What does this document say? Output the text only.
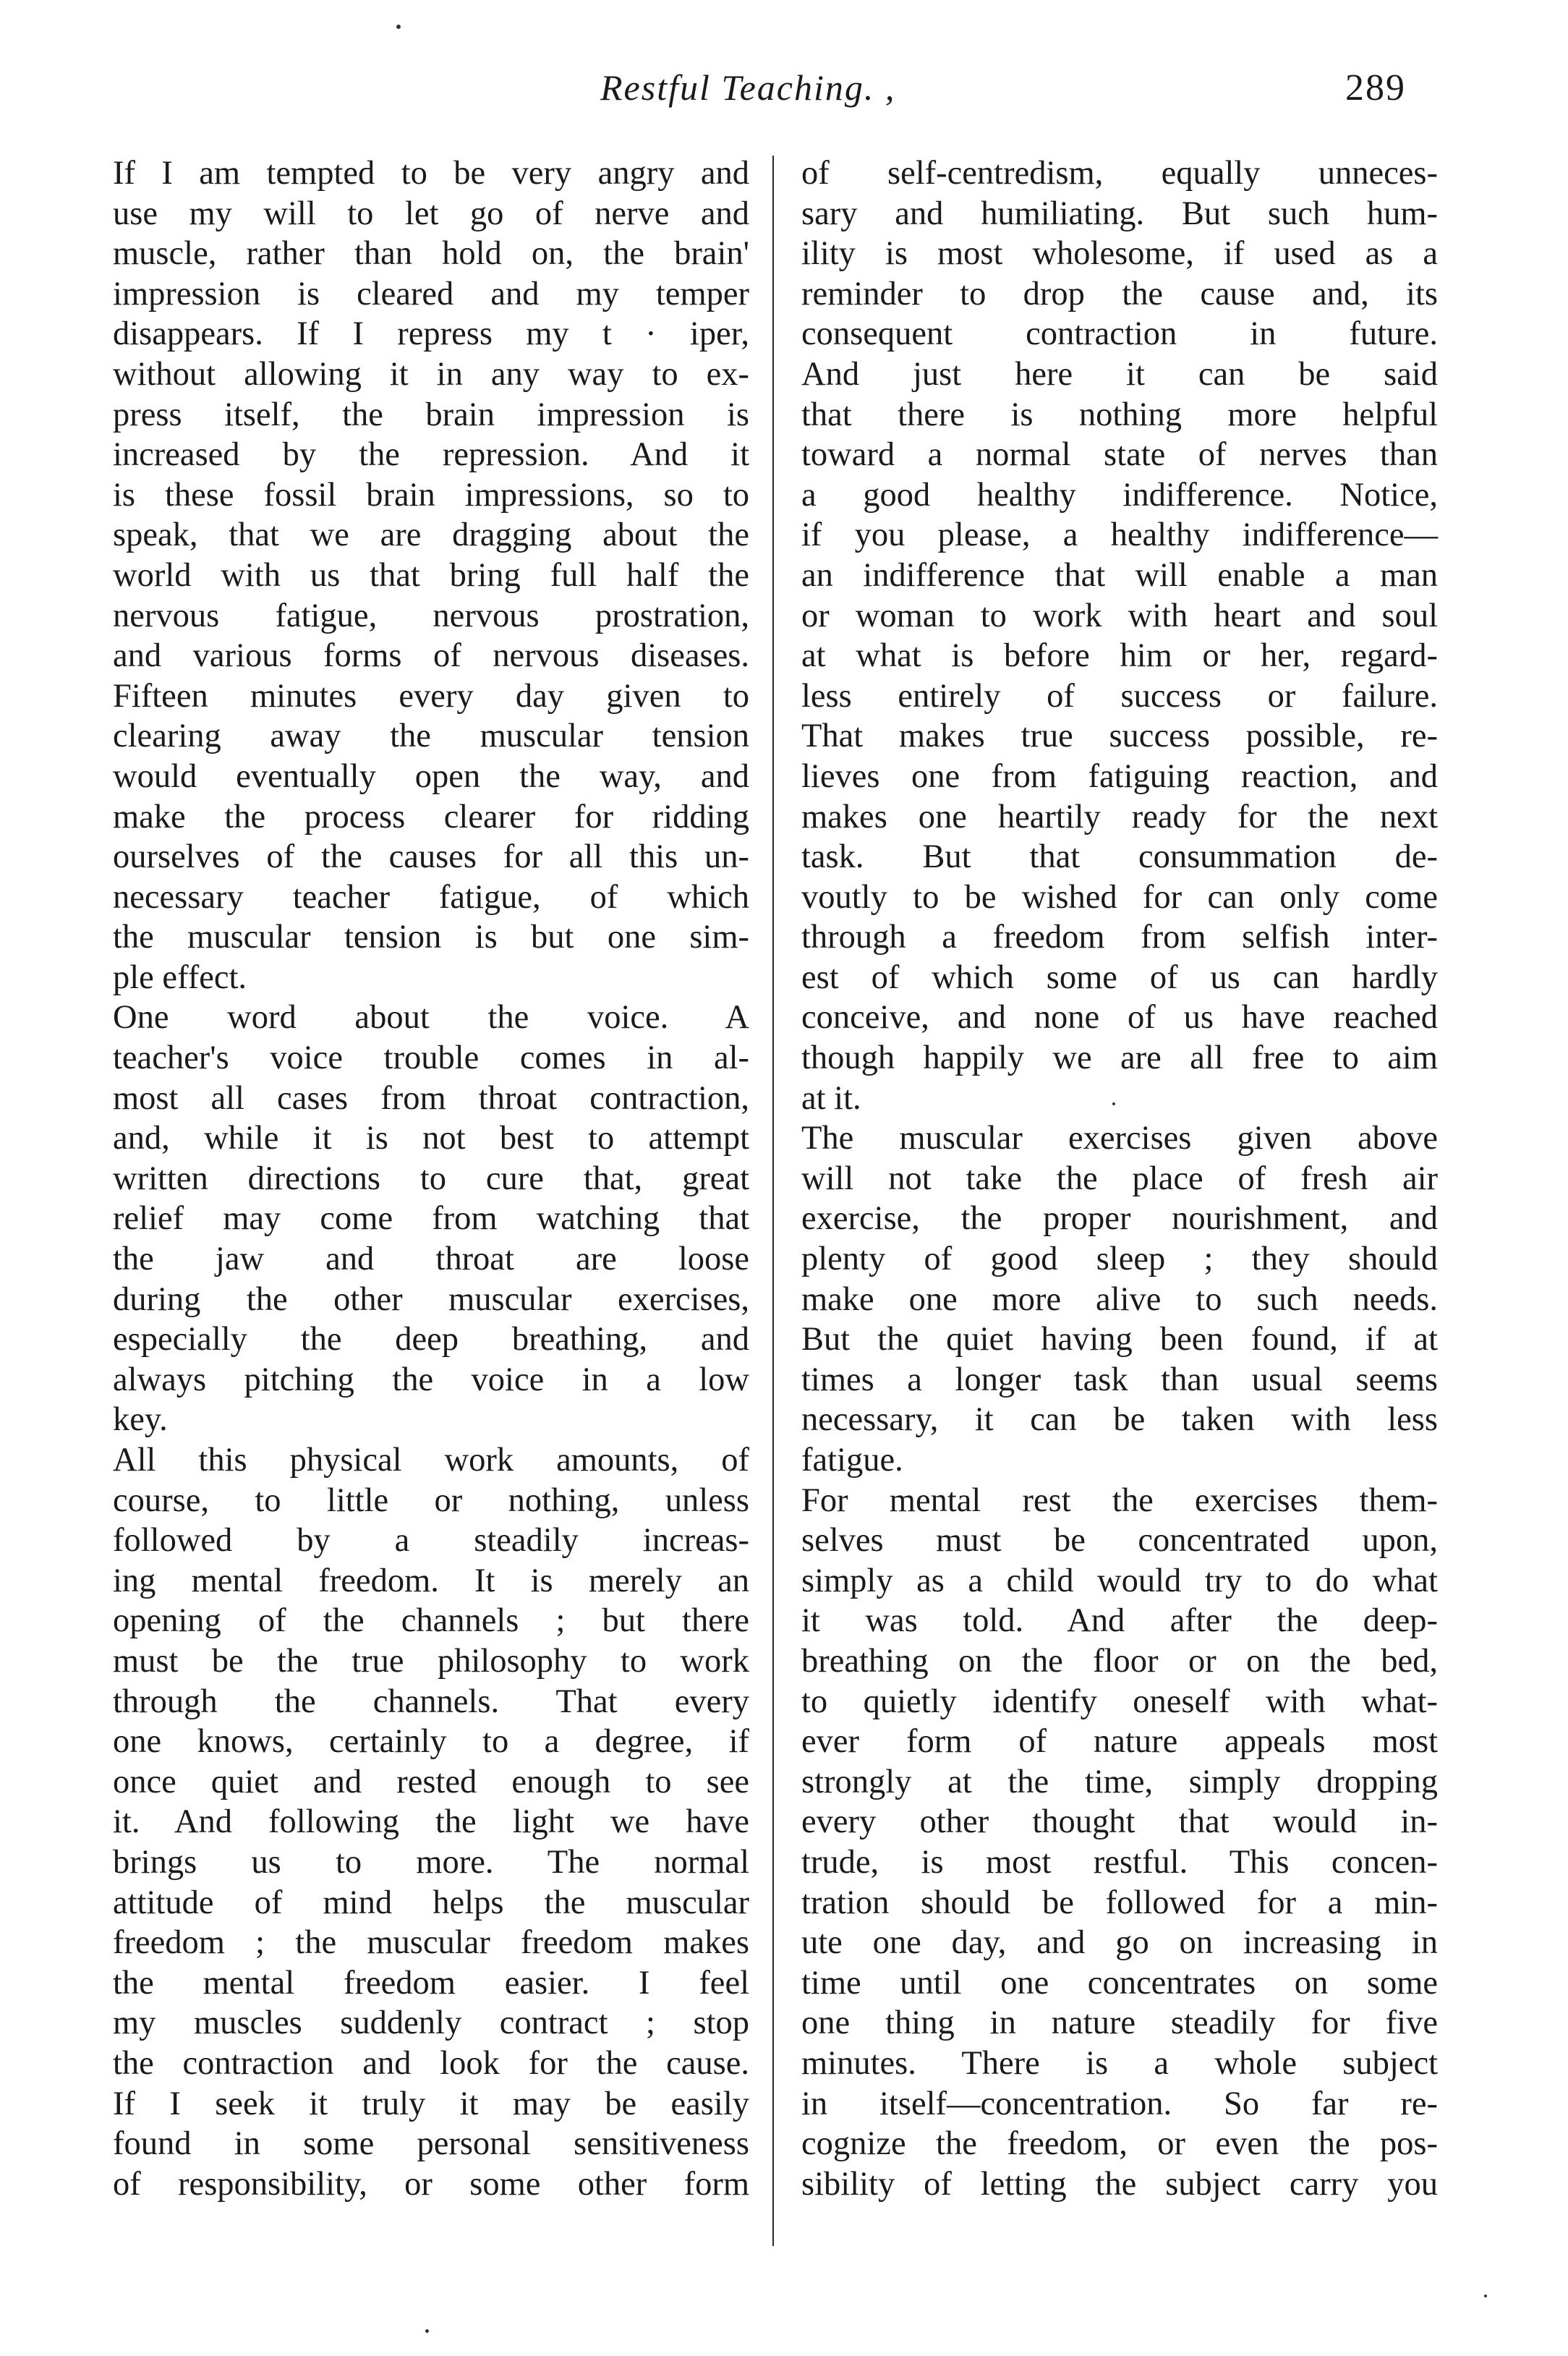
Restful Teaching. ,	289
If I am tempted to be very angry and
use my will to let go of nerve and
muscle, rather than hold on, the brain'
impression is cleared and my temper
disappears. If I repress my t · iper,
without allowing it in any way to ex-
press itself, the brain impression is
increased by the repression. And it
is these fossil brain impressions, so to
speak, that we are dragging about the
world with us that bring full half the
nervous fatigue, nervous prostration,
and various forms of nervous diseases.
Fifteen minutes every day given to
clearing away the muscular tension
would eventually open the way, and
make the process clearer for ridding
ourselves of the causes for all this un-
necessary teacher fatigue, of which
the muscular tension is but one sim-
ple effect.
One word about the voice. A
teacher's voice trouble comes in al-
most all cases from throat contraction,
and, while it is not best to attempt
written directions to cure that, great
relief may come from watching that
the jaw and throat are loose
during the other muscular exercises,
especially the deep breathing, and
always pitching the voice in a low
key.
All this physical work amounts, of
course, to little or nothing, unless
followed by a steadily increas-
ing mental freedom. It is merely an
opening of the channels ; but there
must be the true philosophy to work
through the channels. That every
one knows, certainly to a degree, if
once quiet and rested enough to see
it. And following the light we have
brings us to more. The normal
attitude of mind helps the muscular
freedom ; the muscular freedom makes
the mental freedom easier. I feel
my muscles suddenly contract ; stop
the contraction and look for the cause.
If I seek it truly it may be easily
found in some personal sensitiveness
of responsibility, or some other form
of self-centredism, equally unneces-
sary and humiliating. But such hum-
ility is most wholesome, if used as a
reminder to drop the cause and, its
consequent contraction in future.
And just here it can be said
that there is nothing more helpful
toward a normal state of nerves than
a good healthy indifference. Notice,
if you please, a healthy indifference—
an indifference that will enable a man
or woman to work with heart and soul
at what is before him or her, regard-
less entirely of success or failure.
That makes true success possible, re-
lieves one from fatiguing reaction, and
makes one heartily ready for the next
task. But that consummation de-
voutly to be wished for can only come
through a freedom from selfish inter-
est of which some of us can hardly
conceive, and none of us have reached
though happily we are all free to aim
at it.
The muscular exercises given above
will not take the place of fresh air
exercise, the proper nourishment, and
plenty of good sleep ; they should
make one more alive to such needs.
But the quiet having been found, if at
times a longer task than usual seems
necessary, it can be taken with less
fatigue.
For mental rest the exercises them-
selves must be concentrated upon,
simply as a child would try to do what
it was told. And after the deep-
breathing on the floor or on the bed,
to quietly identify oneself with what-
ever form of nature appeals most
strongly at the time, simply dropping
every other thought that would in-
trude, is most restful. This concen-
tration should be followed for a min-
ute one day, and go on increasing in
time until one concentrates on some
one thing in nature steadily for five
minutes. There is a whole subject
in itself—concentration. So far re-
cognize the freedom, or even the pos-
sibility of letting the subject carry you
